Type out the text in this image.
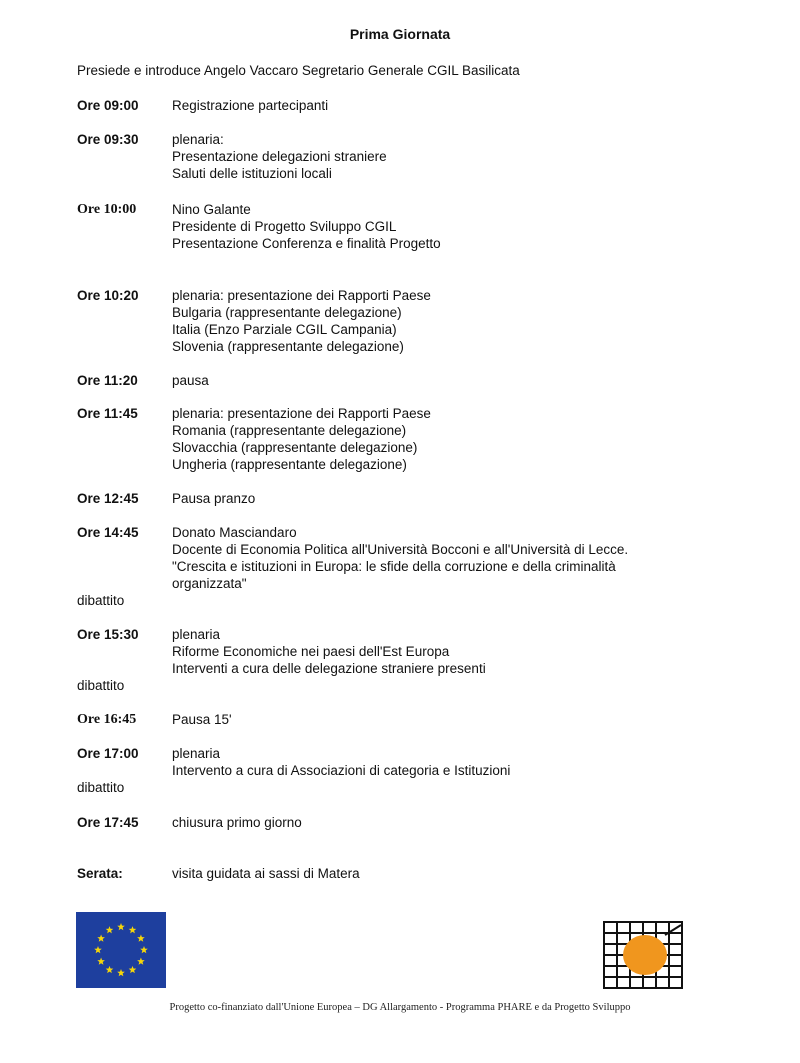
Prima Giornata
Presiede e introduce Angelo Vaccaro Segretario Generale CGIL Basilicata
Ore 09:00	Registrazione partecipanti
Ore 09:30	plenaria:
Presentazione delegazioni straniere
Saluti delle istituzioni locali
Ore 10:00	Nino Galante
Presidente di Progetto Sviluppo CGIL
Presentazione Conferenza e finalità Progetto
Ore 10:20	plenaria: presentazione dei Rapporti Paese
Bulgaria (rappresentante delegazione)
Italia (Enzo Parziale CGIL Campania)
Slovenia (rappresentante delegazione)
Ore 11:20	pausa
Ore 11:45	plenaria: presentazione dei Rapporti Paese
Romania (rappresentante delegazione)
Slovacchia (rappresentante delegazione)
Ungheria (rappresentante delegazione)
Ore 12:45	Pausa pranzo
Ore 14:45	Donato Masciandaro
Docente di Economia Politica all'Università Bocconi e all'Università di Lecce.
"Crescita e istituzioni in Europa: le sfide della corruzione e della criminalità organizzata"
dibattito
Ore 15:30	plenaria
Riforme Economiche nei paesi dell'Est Europa
Interventi a cura delle delegazione straniere presenti
dibattito
Ore 16:45	Pausa 15'
Ore 17:00	plenaria
Intervento a cura di Associazioni di categoria e Istituzioni
dibattito
Ore 17:45	chiusura primo giorno
Serata:	visita guidata ai sassi di Matera
Progetto co-finanziato dall'Unione Europea – DG Allargamento - Programma PHARE e da Progetto Sviluppo
